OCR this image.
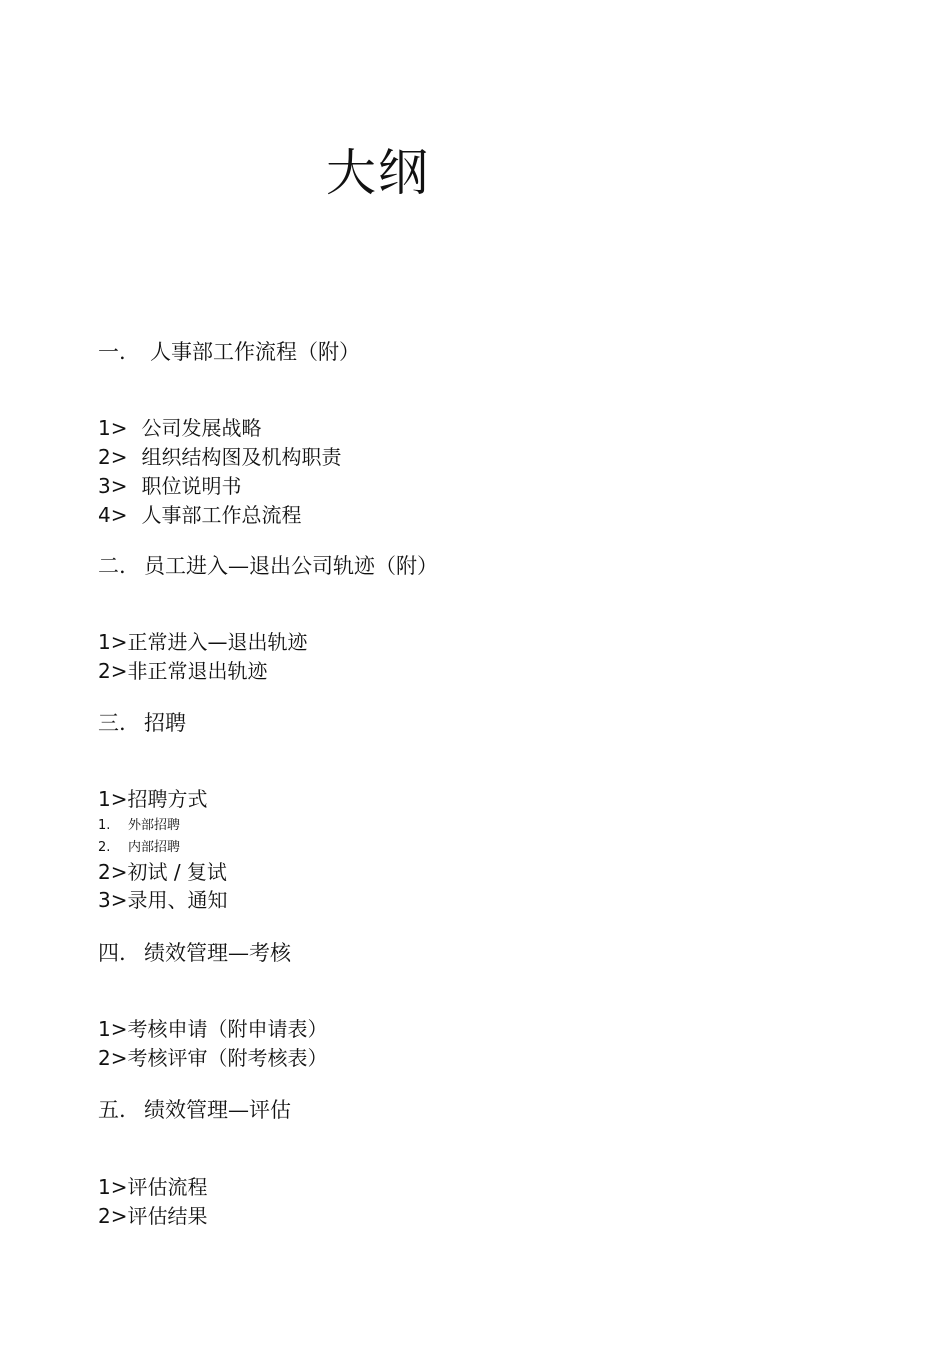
大纲
一. 人事部工作流程（附）
1> 公司发展战略
2> 组织结构图及机构职责
3> 职位说明书
4> 人事部工作总流程
二. 员工进入—退出公司轨迹（附）
1>正常进入—退出轨迹
2>非正常退出轨迹
三. 招聘
1>招聘方式
1. 外部招聘
2. 内部招聘
2>初试 / 复试
3>录用、通知
四. 绩效管理—考核
1>考核申请（附申请表）
2>考核评审（附考核表）
五. 绩效管理—评估
1>评估流程
2>评估结果
